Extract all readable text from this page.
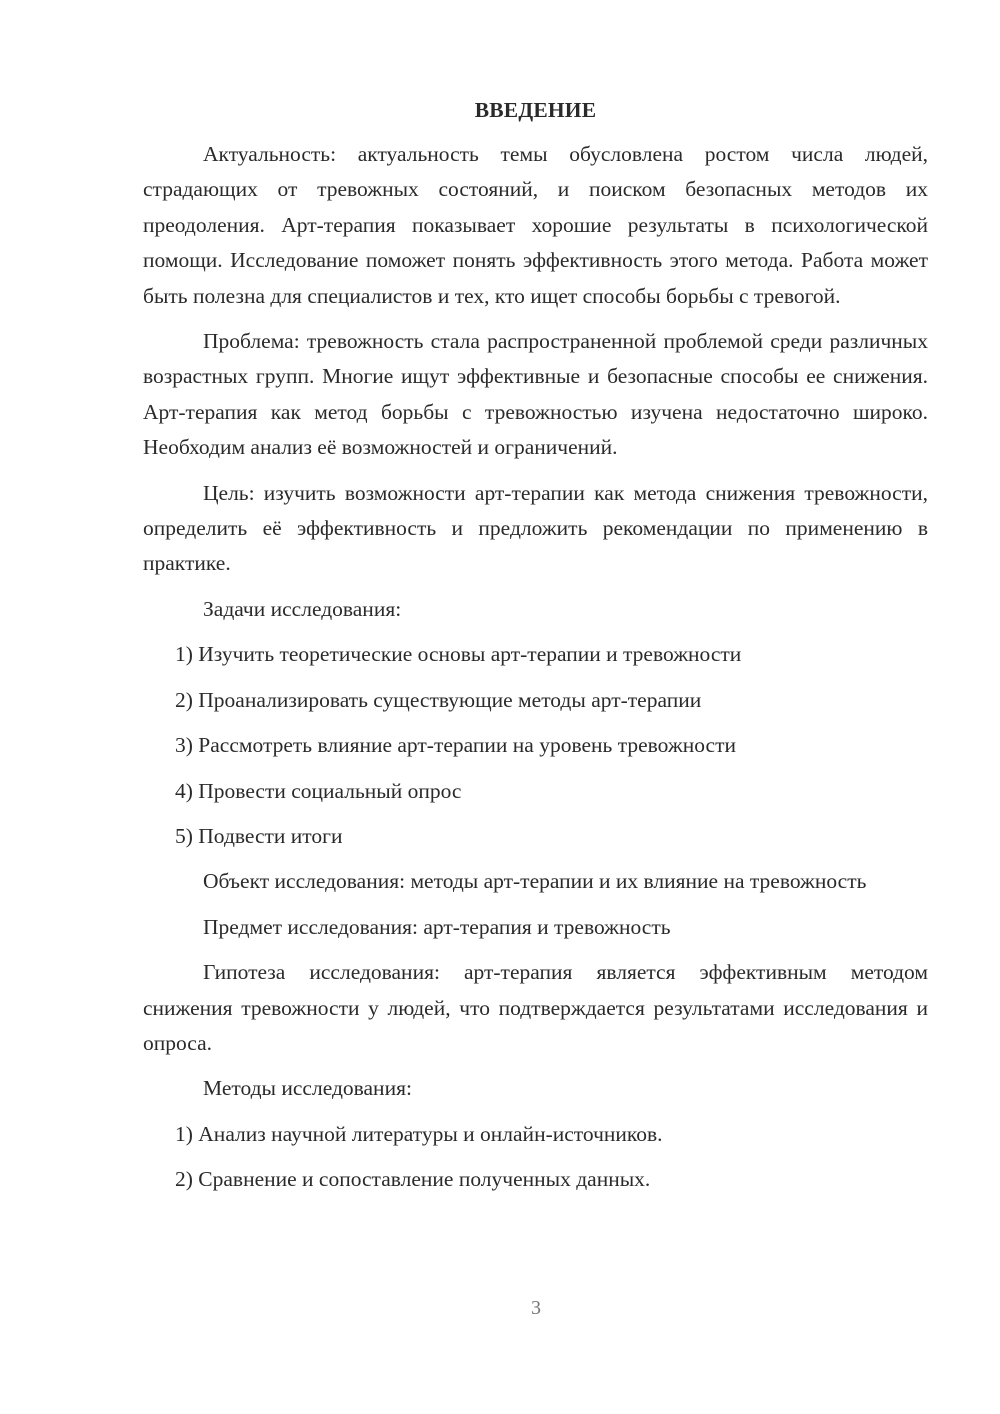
ВВЕДЕНИЕ

Актуальность: актуальность темы обусловлена ростом числа людей, страдающих от тревожных состояний, и поиском безопасных методов их преодоления. Арт-терапия показывает хорошие результаты в психологической помощи. Исследование поможет понять эффективность этого метода. Работа может быть полезна для специалистов и тех, кто ищет способы борьбы с тревогой.

Проблема: тревожность стала распространенной проблемой среди различных возрастных групп. Многие ищут эффективные и безопасные способы ее снижения. Арт-терапия как метод борьбы с тревожностью изучена недостаточно широко. Необходим анализ её возможностей и ограничений.

Цель: изучить возможности арт-терапии как метода снижения тревожности, определить её эффективность и предложить рекомендации по применению в практике.

Задачи исследования:
1) Изучить теоретические основы арт-терапии и тревожности
2) Проанализировать существующие методы арт-терапии
3) Рассмотреть влияние арт-терапии на уровень тревожности
4) Провести социальный опрос
5) Подвести итоги

Объект исследования: методы арт-терапии и их влияние на тревожность

Предмет исследования: арт-терапия и тревожность

Гипотеза исследования: арт-терапия является эффективным методом снижения тревожности у людей, что подтверждается результатами исследования и опроса.

Методы исследования:
1) Анализ научной литературы и онлайн-источников.
2) Сравнение и сопоставление полученных данных.
3
